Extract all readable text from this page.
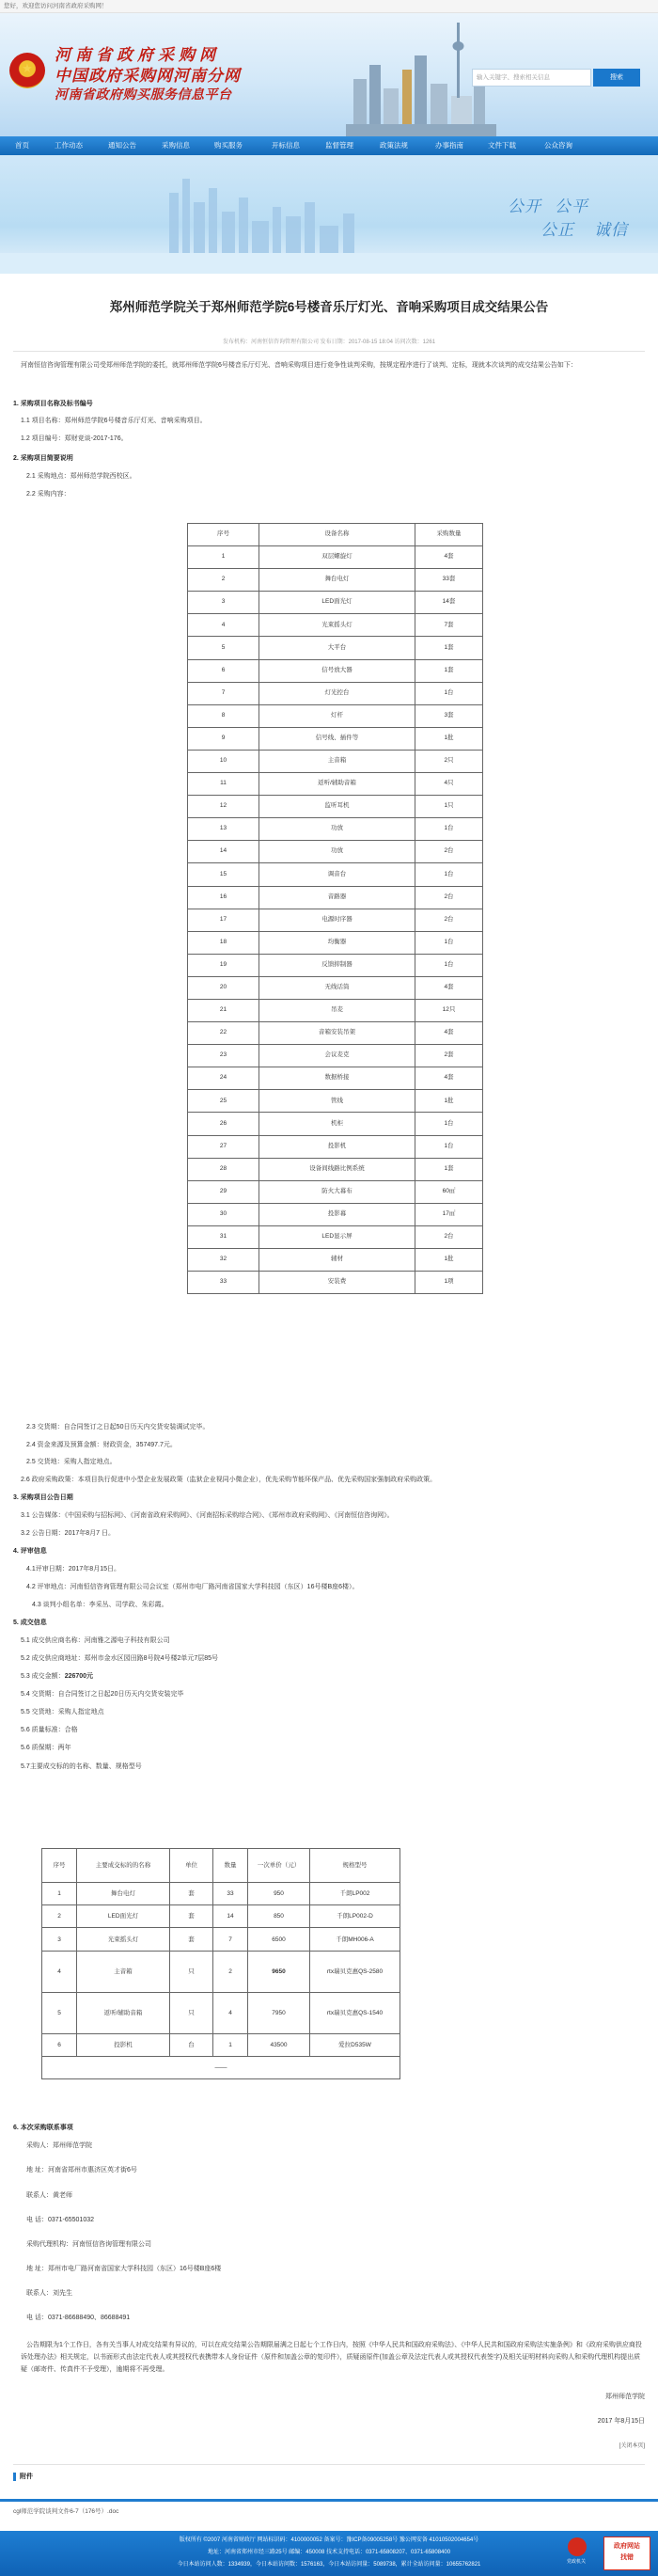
您好，欢迎您访问河南省政府采购网！
★
河南省政府采购网
中国政府采购网河南分网
河南省政府购买服务信息平台
输入关键字、搜索相关信息	搜索
首页	工作动态	通知公告	采购信息	购买服务	开标信息	监督管理	政策法规	办事指南	文件下载	公众咨询
公开 公平
公正 诚信
郑州师范学院关于郑州师范学院6号楼音乐厅灯光、音响采购项目成交结果公告
发布机构：河南恒信咨询管理有限公司 发布日期：2017-08-15 18:04 访问次数：1261
河南恒信咨询管理有限公司受郑州师范学院的委托，就郑州师范学院6号楼音乐厅灯光、音响采购项目进行竞争性谈判采购，按规定程序进行了谈判、定标，现就本次谈判的成交结果公告如下：
1. 采购项目名称及标书编号
1.1 项目名称：郑州师范学院6号楼音乐厅灯光、音响采购项目。
1.2 项目编号：郑财竞谈-2017-176。
2. 采购项目简要说明
2.1 采购地点：郑州师范学院西校区。
2.2 采购内容：
序号	设备名称	采购数量
1	双层螺旋灯	4套
2	舞台电灯	33套
3	LED面光灯	14套
4	光束摇头灯	7套
5	大平台	1套
6	信号放大器	1套
7	灯光控台	1台
8	灯杆	3套
9	信号线、插件等	1批
10	主音箱	2只
11	返听/辅助音箱	4只
12	监听耳机	1只
13	功放	1台
14	功放	2台
15	调音台	1台
16	音路器	2台
17	电源时序器	2台
18	均衡器	1台
19	反馈抑制器	1台
20	无线话筒	4套
21	吊麦	12只
22	音箱安装吊架	4套
23	会议麦克	2套
24	数据桥接	4套
25	管线	1批
26	机柜	1台
27	投影机	1台
28	设备间线路比例系统	1套
29	防火大幕布	60㎡
30	投影幕	17㎡
31	LED显示屏	2台
32	辅材	1批
33	安装费	1项
2.3 交货期：自合同签订之日起50日历天内交货安装调试完毕。
2.4 资金来源及预算金额：财政资金，357497.7元。
2.5 交货地：采购人指定地点。
2.6 政府采购政策：本项目执行促进中小型企业发展政策（监狱企业视同小微企业），优先采购节能环保产品、优先采购国家强制政府采购政策。
3. 采购项目公告日期
3.1 公告媒体：《中国采购与招标网》、《河南省政府采购网》、《河南招标采购综合网》、《郑州市政府采购网》、《河南恒信咨询网》。
3.2 公告日期：2017年8月7 日。
4. 评审信息
4.1评审日期：2017年8月15日。
4.2 评审地点：河南恒信咨询管理有限公司会议室（郑州市电厂路河南省国家大学科技园（东区）16号楼B座6楼）。
4.3 谈判小组名单：李采丛、司学政、朱彩霞。
5. 成交信息
5.1 成交供应商名称：河南雅之源电子科技有限公司
5.2 成交供应商地址：郑州市金水区园田路8号院4号楼2单元7层85号
5.3 成交金额：226700元
5.4 交货期：自合同签订之日起20日历天内交货安装完毕
5.5 交货地：采购人指定地点
5.6 质量标准：合格
5.6 质保期：两年
5.7主要成交标的的名称、数量、规格型号
序号	主要成交标的的名称	单位	数量	一次单价（元）	规格型号
1	舞台电灯	套	33	950	千朗LP002
2	LED面光灯	套	14	850	千朗LP002-D
3	光束摇头灯	套	7	6500	千朗MH006-A
4	主音箱	只	2	9650	rtx瑞贝克惠QS-2580
5	返听/辅助音箱	只	4	7950	rtx瑞贝克惠QS-1540
6	投影机	台	1	43500	爱拉D535W
——					
6. 本次采购联系事项
采购人：郑州师范学院
地 址：河南省郑州市惠济区英才街6号
联系人：黄老师
电 话：0371-65501032
采购代理机构：河南恒信咨询管理有限公司
地 址：郑州市电厂路河南省国家大学科技园（东区）16号楼B座6楼
联系人：刘先生
电 话：0371-86688490、86688491
公告期限为1个工作日，各有关当事人对成交结果有异议的，可以在成交结果公告期限届满之日起七个工作日内，按照《中华人民共和国政府采购法》、《中华人民共和国政府采购法实施条例》和《政府采购供应商投诉处理办法》相关规定，以书面形式由法定代表人或其授权代表携带本人身份证件（原件和加盖公章的复印件），质疑函原件(加盖公章及法定代表人或其授权代表签字)及相关证明材料向采购人和采购代理机构提出质疑（邮寄件、传真件不予受理），逾期将不再受理。
郑州师范学院
2017 年8月15日
[关闭本页]
附件
cgl师范学院谈判文件6-7（176号）.doc
版权所有 ©2007 河南省财政厅 网站标识码：4100000052 备案号：豫ICP备09005258号 豫公网安备 41010502004654号
地址：河南省郑州市经三路25号 邮编：450008 技术支持电话：0371-65808207、0371-65808400
今日本站访问人数：1334939，今日本站访问数：1576163，今日本站访问量：5089738，累计全站访问量：10655762821	党政机关
政府网站
找错
